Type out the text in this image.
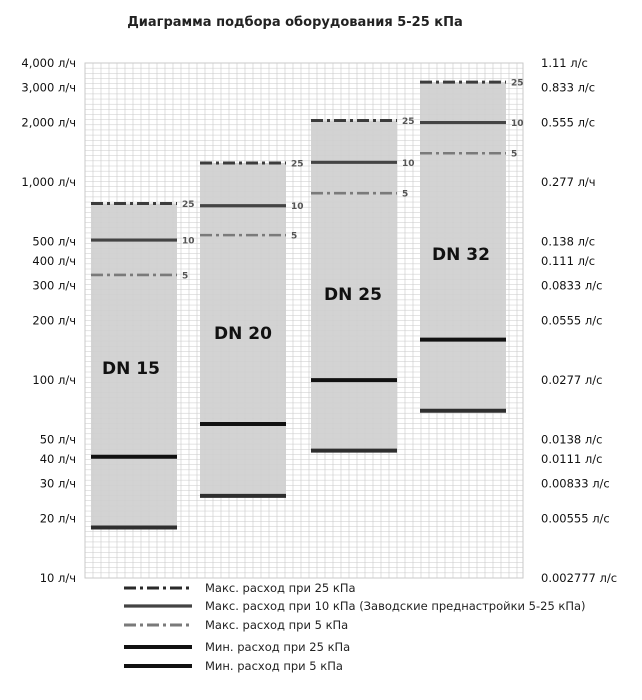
Диаграмма подбора оборудования 5-25 кПа
DN 15
DN 20
DN 25
DN 32
25
25
25
25
10
10
10
10
5
5
5
5
4,000 л/ч
3,000 л/ч
2,000 л/ч
1,000 л/ч
500 л/ч
400 л/ч
300 л/ч
200 л/ч
100 л/ч
50 л/ч
40 л/ч
30 л/ч
20 л/ч
10 л/ч
1.11 л/с
0.833 л/с
0.555 л/с
0.277 л/ч
0.138 л/с
0.111 л/с
0.0833 л/с
0.0555 л/с
0.0277 л/с
0.0138 л/с
0.0111 л/с
0.00833 л/с
0.00555 л/с
0.002777 л/с
Макс. расход при 25 кПа
Макс. расход при 10 кПа (Заводские преднастройки 5-25 кПа)
Макс. расход при 5 кПа
Мин. расход при 25 кПа
Мин. расход при 5 кПа
